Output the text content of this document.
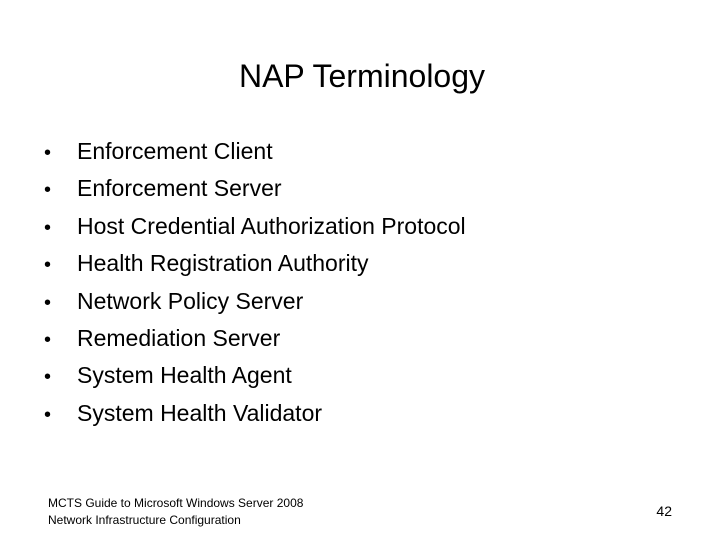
NAP Terminology
• Enforcement Client
• Enforcement Server
• Host Credential Authorization Protocol
• Health Registration Authority
• Network Policy Server
• Remediation Server
• System Health Agent
• System Health Validator
MCTS Guide to Microsoft Windows Server 2008
Network Infrastructure Configuration
42
